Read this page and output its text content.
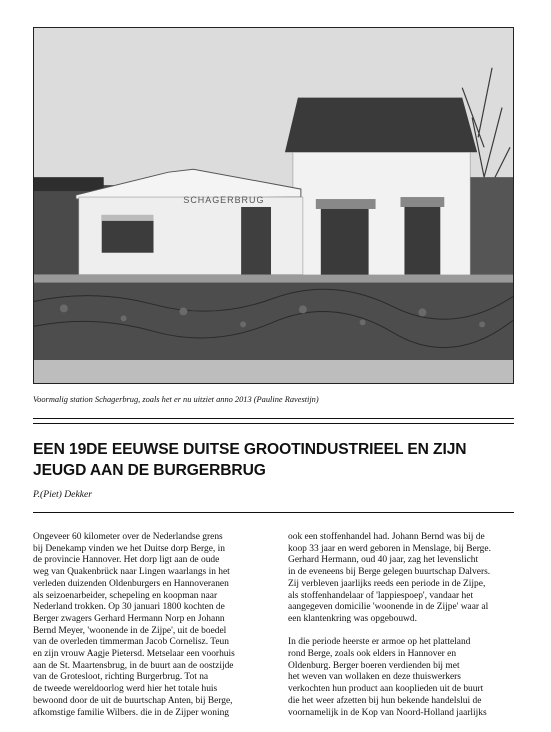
SCHAGERBRUG
Voormalig station Schagerbrug, zoals het er nu uitziet anno 2013 (Pauline Ravestijn)
EEN 19DE EEUWSE DUITSE GROOTINDUSTRIEEL EN ZIJN
JEUGD AAN DE BURGERBRUG
P.(Piet) Dekker
Ongeveer 60 kilometer over de Nederlandse grens
bij Denekamp vinden we het Duitse dorp Berge, in
de provincie Hannover. Het dorp ligt aan de oude
weg van Quakenbrück naar Lingen waarlangs in het
verleden duizenden Oldenburgers en Hannoveranen
als seizoenarbeider, schepeling en koopman naar
Nederland trokken. Op 30 januari 1800 kochten de
Berger zwagers Gerhard Hermann Norp en Johann
Bernd Meyer, 'woonende in de Zijpe', uit de boedel
van de overleden timmerman Jacob Cornelisz. Teun
en zijn vrouw Aagje Pietersd. Metselaar een voorhuis
aan de St. Maartensbrug, in de buurt aan de oostzijde
van de Grotesloot, richting Burgerbrug. Tot na
de tweede wereldoorlog werd hier het totale huis
bewoond door de uit de buurtschap Anten, bij Berge,
afkomstige familie Wilbers. die in de Zijper woning
ook een stoffenhandel had. Johann Bernd was bij de
koop 33 jaar en werd geboren in Menslage, bij Berge.
Gerhard Hermann, oud 40 jaar, zag het levenslicht
in de eveneens bij Berge gelegen buurtschap Dalvers.
Zij verbleven jaarlijks reeds een periode in de Zijpe,
als stoffenhandelaar of 'lappiespoep', vandaar het
aangegeven domicilie 'woonende in de Zijpe' waar al
een klantenkring was opgebouwd.
In die periode heerste er armoe op het platteland
rond Berge, zoals ook elders in Hannover en
Oldenburg. Berger boeren verdienden bij met
het weven van wollaken en deze thuiswerkers
verkochten hun product aan kooplieden uit de buurt
die het weer afzetten bij hun bekende handelslui de
voornamelijk in de Kop van Noord-Holland jaarlijks
